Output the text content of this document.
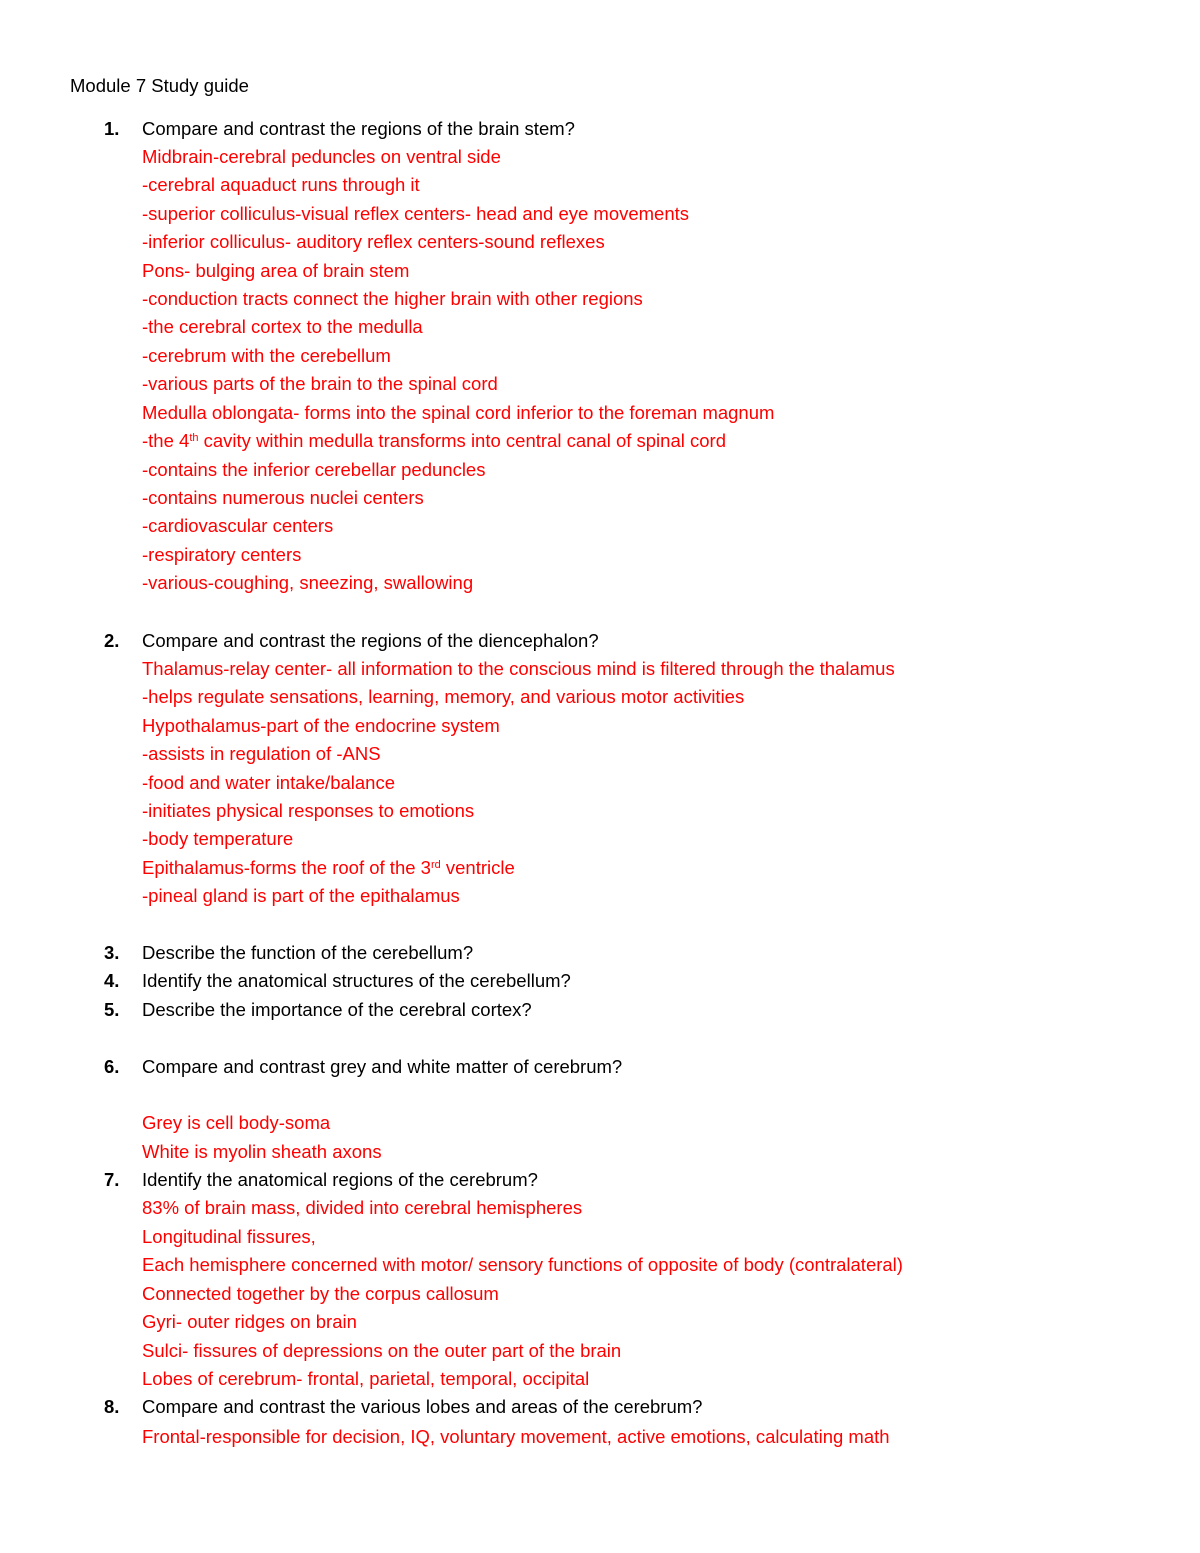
Module 7 Study guide
1.	Compare and contrast the regions of the brain stem?
Midbrain-cerebral peduncles on ventral side
-cerebral aquaduct runs through it
-superior colliculus-visual reflex centers- head and eye movements
-inferior colliculus- auditory reflex centers-sound reflexes
Pons- bulging area of brain stem
-conduction tracts connect the higher brain with other regions
-the cerebral cortex to the medulla
-cerebrum with the cerebellum
-various parts of the brain to the spinal cord
Medulla oblongata- forms into the spinal cord inferior to the foreman magnum
-the 4th cavity within medulla transforms into central canal of spinal cord
-contains the inferior cerebellar peduncles
-contains numerous nuclei centers
-cardiovascular centers
-respiratory centers
-various-coughing, sneezing, swallowing
2.	Compare and contrast the regions of the diencephalon?
Thalamus-relay center- all information to the conscious mind is filtered through the thalamus
-helps regulate sensations, learning, memory, and various motor activities
Hypothalamus-part of the endocrine system
-assists in regulation of -ANS
-food and water intake/balance
-initiates physical responses to emotions
-body temperature
Epithalamus-forms the roof of the 3rd ventricle
-pineal gland is part of the epithalamus
3.	Describe the function of the cerebellum?
4.	Identify the anatomical structures of the cerebellum?
5.	Describe the importance of the cerebral cortex?
6.	Compare and contrast grey and white matter of cerebrum?
Grey is cell body-soma
White is myolin sheath axons
7.	Identify the anatomical regions of the cerebrum?
83% of brain mass, divided into cerebral hemispheres
Longitudinal fissures,
Each hemisphere concerned with motor/ sensory functions of opposite of body (contralateral)
Connected together by the corpus callosum
Gyri- outer ridges on brain
Sulci- fissures of depressions on the outer part of the brain
Lobes of cerebrum- frontal, parietal, temporal, occipital
8.	Compare and contrast the various lobes and areas of the cerebrum?
Frontal-responsible for decision, IQ, voluntary movement, active emotions, calculating math
